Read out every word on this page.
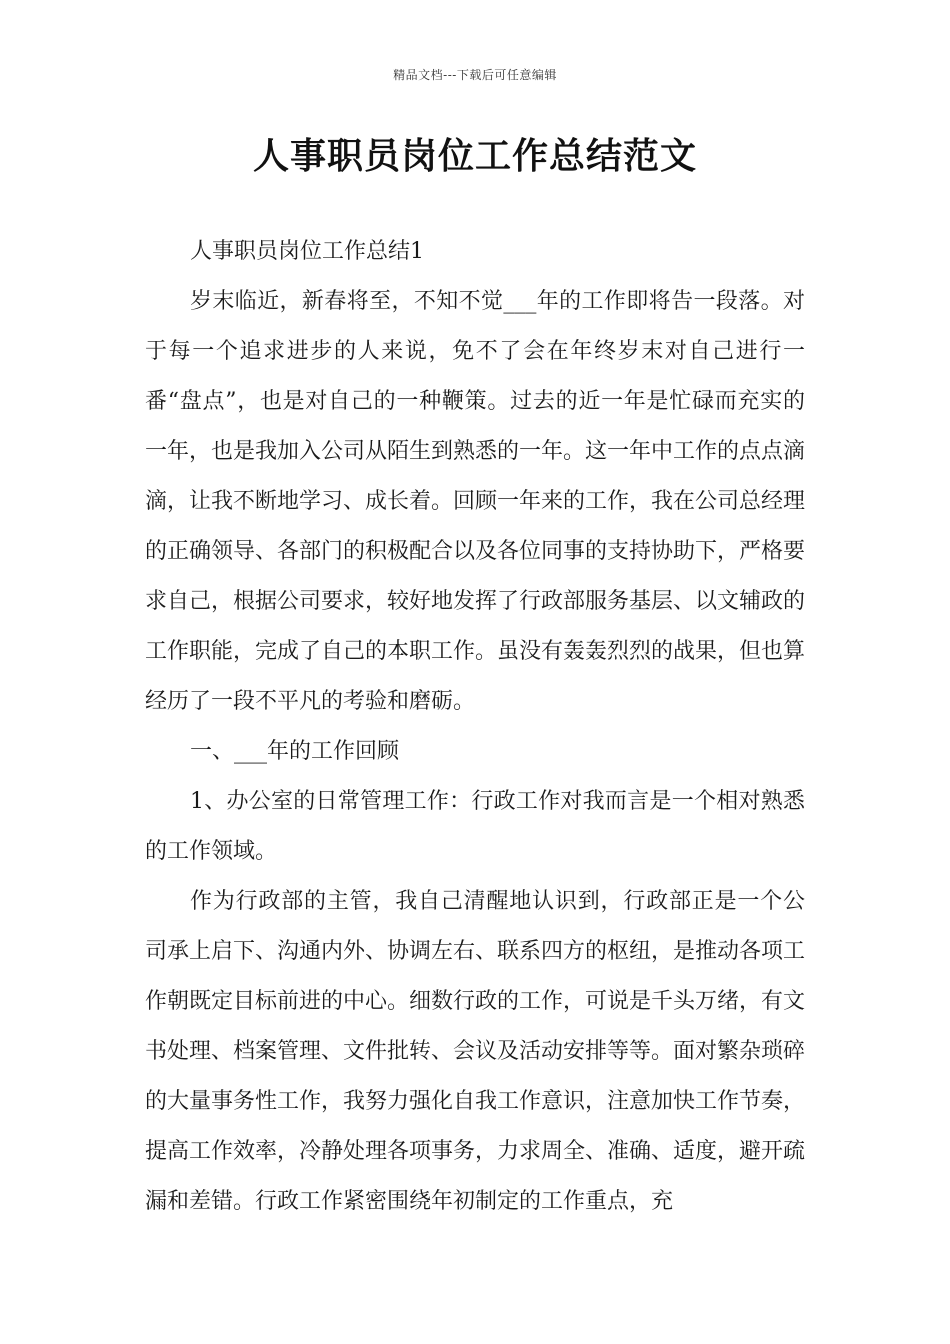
精品文档---下载后可任意编辑
人事职员岗位工作总结范文

人事职员岗位工作总结1

岁末临近，新春将至，不知不觉___年的工作即将告一段落。对于每一个追求进步的人来说，免不了会在年终岁末对自己进行一番“盘点”，也是对自己的一种鞭策。过去的近一年是忙碌而充实的一年，也是我加入公司从陌生到熟悉的一年。这一年中工作的点点滴滴，让我不断地学习、成长着。回顾一年来的工作，我在公司总经理的正确领导、各部门的积极配合以及各位同事的支持协助下，严格要求自己，根据公司要求，较好地发挥了行政部服务基层、以文辅政的工作职能，完成了自己的本职工作。虽没有轰轰烈烈的战果，但也算经历了一段不平凡的考验和磨砺。

一、___年的工作回顾

1、办公室的日常管理工作：行政工作对我而言是一个相对熟悉的工作领域。

作为行政部的主管，我自己清醒地认识到，行政部正是一个公司承上启下、沟通内外、协调左右、联系四方的枢纽，是推动各项工作朝既定目标前进的中心。细数行政的工作，可说是千头万绪，有文书处理、档案管理、文件批转、会议及活动安排等等。面对繁杂琐碎的大量事务性工作，我努力强化自我工作意识，注意加快工作节奏，提高工作效率，冷静处理各项事务，力求周全、准确、适度，避开疏漏和差错。行政工作紧密围绕年初制定的工作重点，充
